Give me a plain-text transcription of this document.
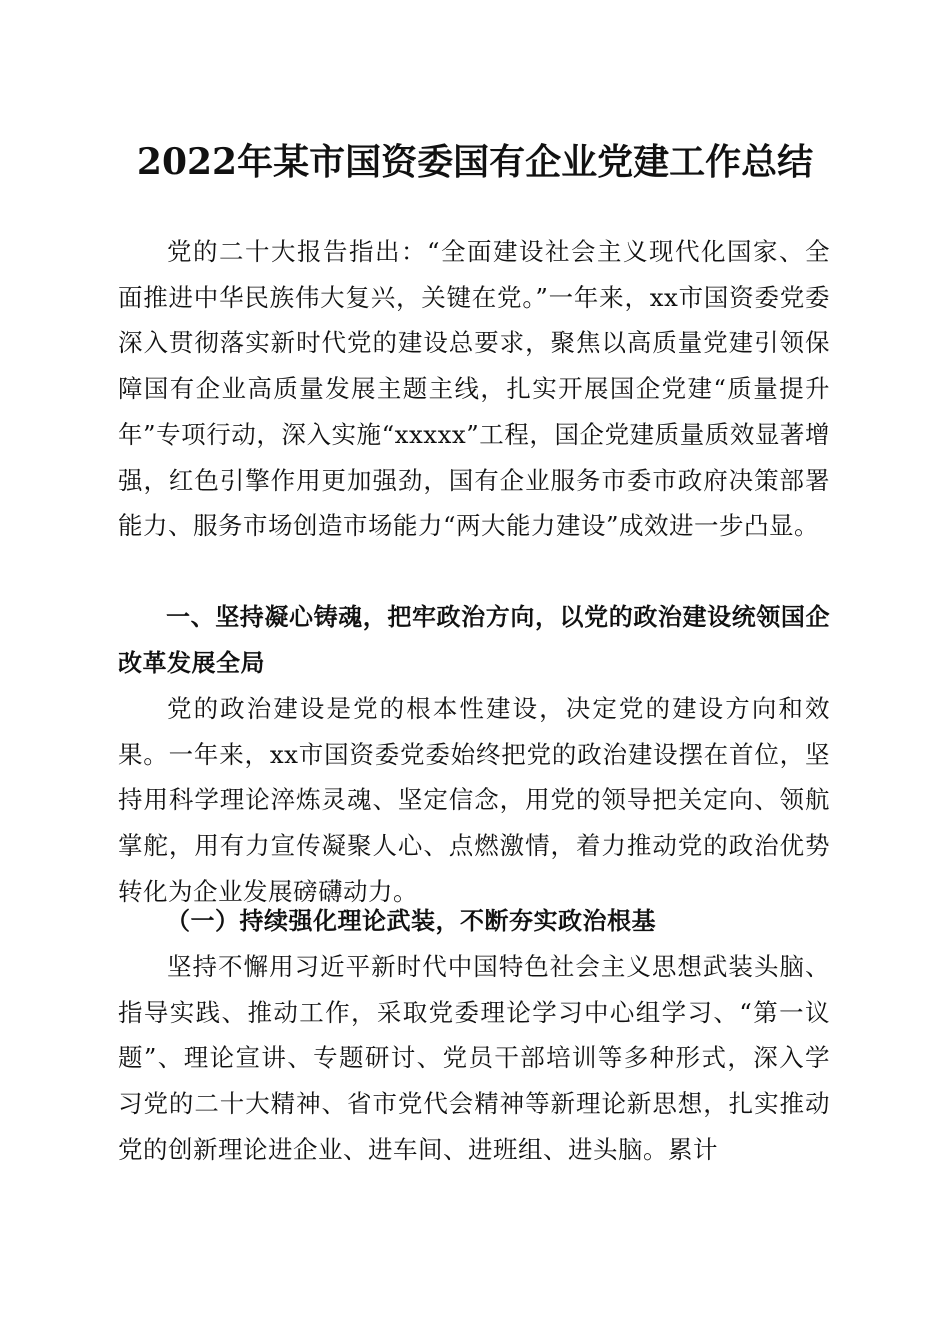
2022年某市国资委国有企业党建工作总结

党的二十大报告指出：“全面建设社会主义现代化国家、全面推进中华民族伟大复兴，关键在党。”一年来，xx市国资委党委深入贯彻落实新时代党的建设总要求，聚焦以高质量党建引领保障国有企业高质量发展主题主线，扎实开展国企党建“质量提升年”专项行动，深入实施“xxxxx”工程，国企党建质量质效显著增强，红色引擎作用更加强劲，国有企业服务市委市政府决策部署能力、服务市场创造市场能力“两大能力建设”成效进一步凸显。

一、坚持凝心铸魂，把牢政治方向，以党的政治建设统领国企改革发展全局

党的政治建设是党的根本性建设，决定党的建设方向和效果。一年来，xx市国资委党委始终把党的政治建设摆在首位，坚持用科学理论淬炼灵魂、坚定信念，用党的领导把关定向、领航掌舵，用有力宣传凝聚人心、点燃激情，着力推动党的政治优势转化为企业发展磅礴动力。

（一）持续强化理论武装，不断夯实政治根基

坚持不懈用习近平新时代中国特色社会主义思想武装头脑、指导实践、推动工作，采取党委理论学习中心组学习、“第一议题”、理论宣讲、专题研讨、党员干部培训等多种形式，深入学习党的二十大精神、省市党代会精神等新理论新思想，扎实推动党的创新理论进企业、进车间、进班组、进头脑。累计
